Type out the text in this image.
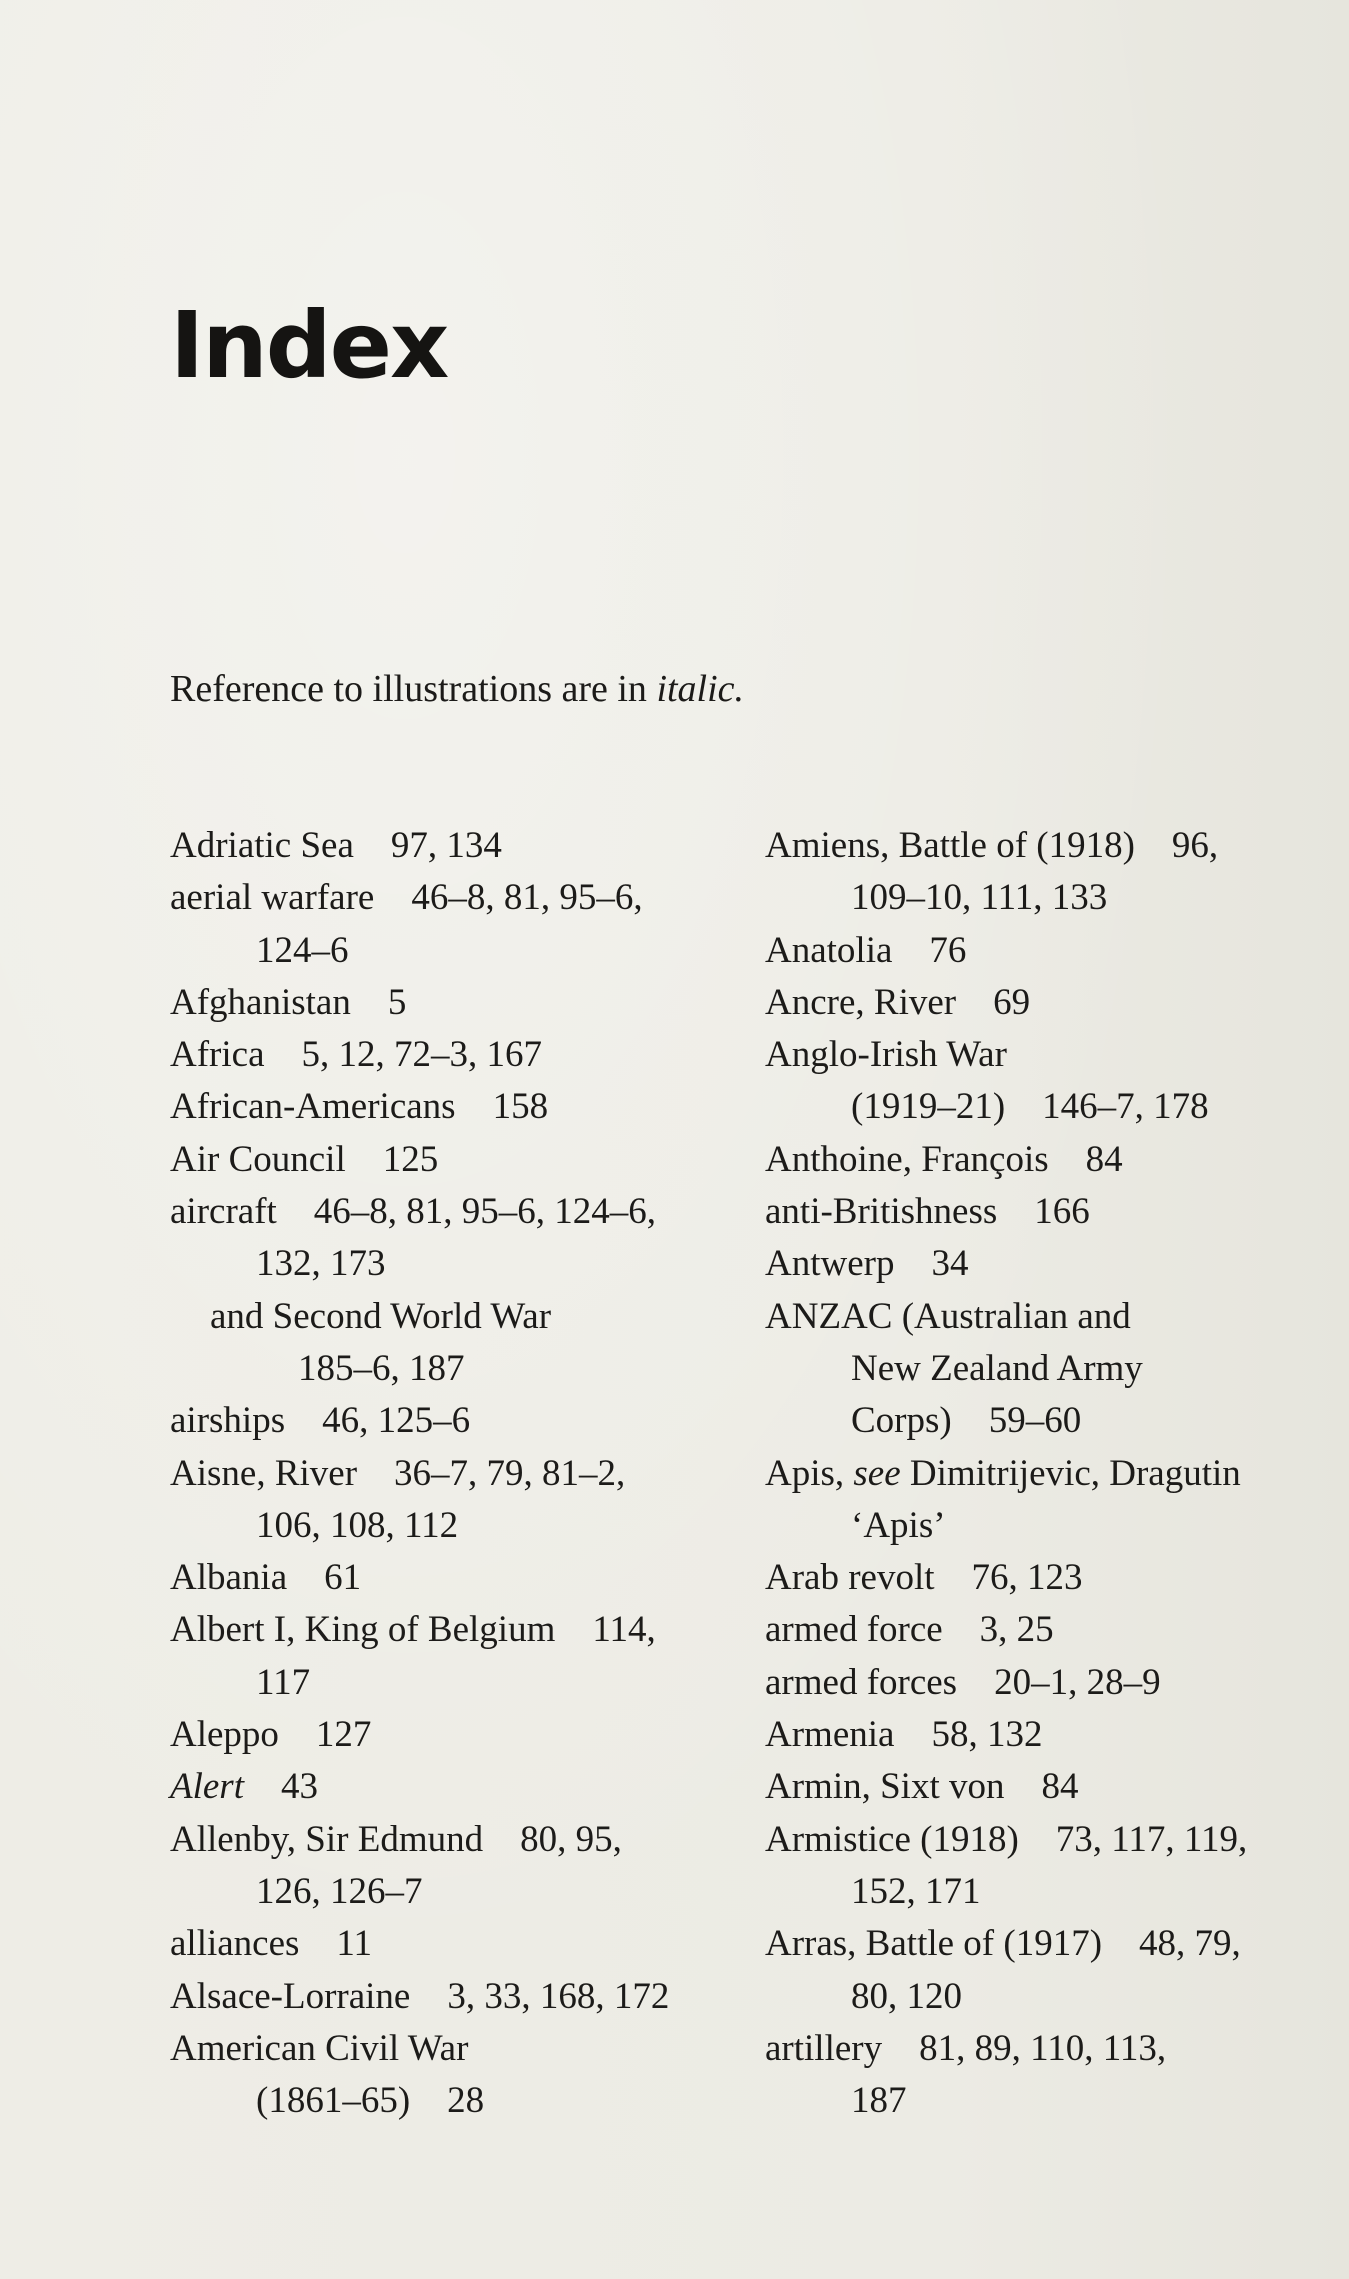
Index

Reference to illustrations are in italic.

Adriatic Sea    97, 134
aerial warfare    46–8, 81, 95–6,
124–6
Afghanistan    5
Africa    5, 12, 72–3, 167
African-Americans    158
Air Council    125
aircraft    46–8, 81, 95–6, 124–6,
132, 173
and Second World War
185–6, 187
airships    46, 125–6
Aisne, River    36–7, 79, 81–2,
106, 108, 112
Albania    61
Albert I, King of Belgium    114,
117
Aleppo    127
Alert    43
Allenby, Sir Edmund    80, 95,
126, 126–7
alliances    11
Alsace-Lorraine    3, 33, 168, 172
American Civil War
(1861–65)    28
Amiens, Battle of (1918)    96,
109–10, 111, 133
Anatolia    76
Ancre, River    69
Anglo-Irish War
(1919–21)    146–7, 178
Anthoine, François    84
anti-Britishness    166
Antwerp    34
ANZAC (Australian and
New Zealand Army
Corps)    59–60
Apis, see Dimitrijevic, Dragutin
‘Apis’
Arab revolt    76, 123
armed force    3, 25
armed forces    20–1, 28–9
Armenia    58, 132
Armin, Sixt von    84
Armistice (1918)    73, 117, 119,
152, 171
Arras, Battle of (1917)    48, 79,
80, 120
artillery    81, 89, 110, 113,
187
